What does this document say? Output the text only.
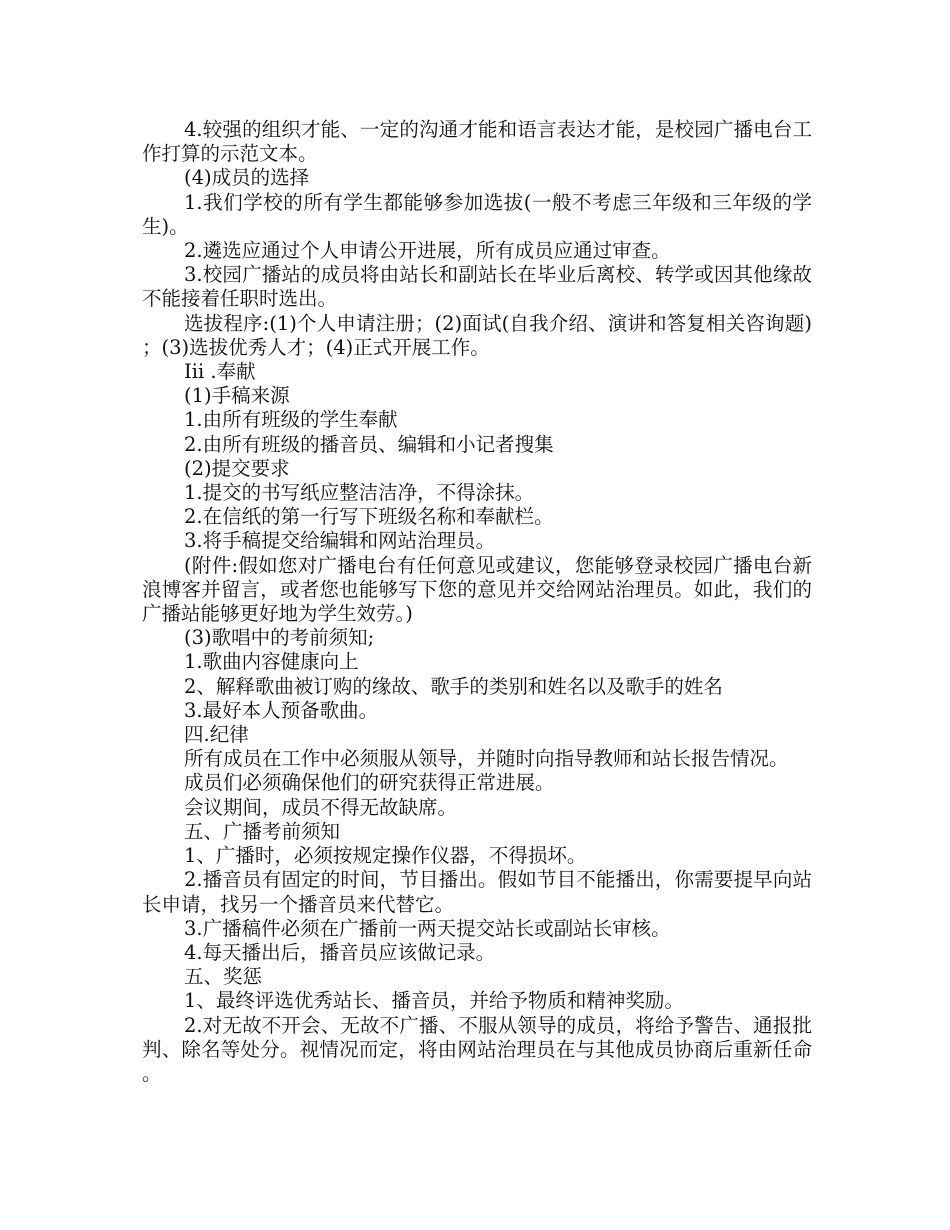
4.较强的组织才能、一定的沟通才能和语言表达才能，是校园广播电台工作打算的示范文本。

(4)成员的选择

1.我们学校的所有学生都能够参加选拔(一般不考虑三年级和三年级的学生)。

2.遴选应通过个人申请公开进展，所有成员应通过审查。

3.校园广播站的成员将由站长和副站长在毕业后离校、转学或因其他缘故不能接着任职时选出。

选拔程序:(1)个人申请注册；(2)面试(自我介绍、演讲和答复相关咨询题)；(3)选拔优秀人才；(4)正式开展工作。

Iii .奉献

(1)手稿来源

1.由所有班级的学生奉献

2.由所有班级的播音员、编辑和小记者搜集

(2)提交要求

1.提交的书写纸应整洁洁净，不得涂抹。

2.在信纸的第一行写下班级名称和奉献栏。

3.将手稿提交给编辑和网站治理员。

(附件:假如您对广播电台有任何意见或建议，您能够登录校园广播电台新浪博客并留言，或者您也能够写下您的意见并交给网站治理员。如此，我们的广播站能够更好地为学生效劳。)

(3)歌唱中的考前须知;

1.歌曲内容健康向上

2、解释歌曲被订购的缘故、歌手的类别和姓名以及歌手的姓名

3.最好本人预备歌曲。

四.纪律

所有成员在工作中必须服从领导，并随时向指导教师和站长报告情况。

成员们必须确保他们的研究获得正常进展。

会议期间，成员不得无故缺席。

五、广播考前须知

1、广播时，必须按规定操作仪器，不得损坏。

2.播音员有固定的时间，节目播出。假如节目不能播出，你需要提早向站长申请，找另一个播音员来代替它。

3.广播稿件必须在广播前一两天提交站长或副站长审核。

4.每天播出后，播音员应该做记录。

五、奖惩

1、最终评选优秀站长、播音员，并给予物质和精神奖励。

2.对无故不开会、无故不广播、不服从领导的成员，将给予警告、通报批判、除名等处分。视情况而定，将由网站治理员在与其他成员协商后重新任命。
